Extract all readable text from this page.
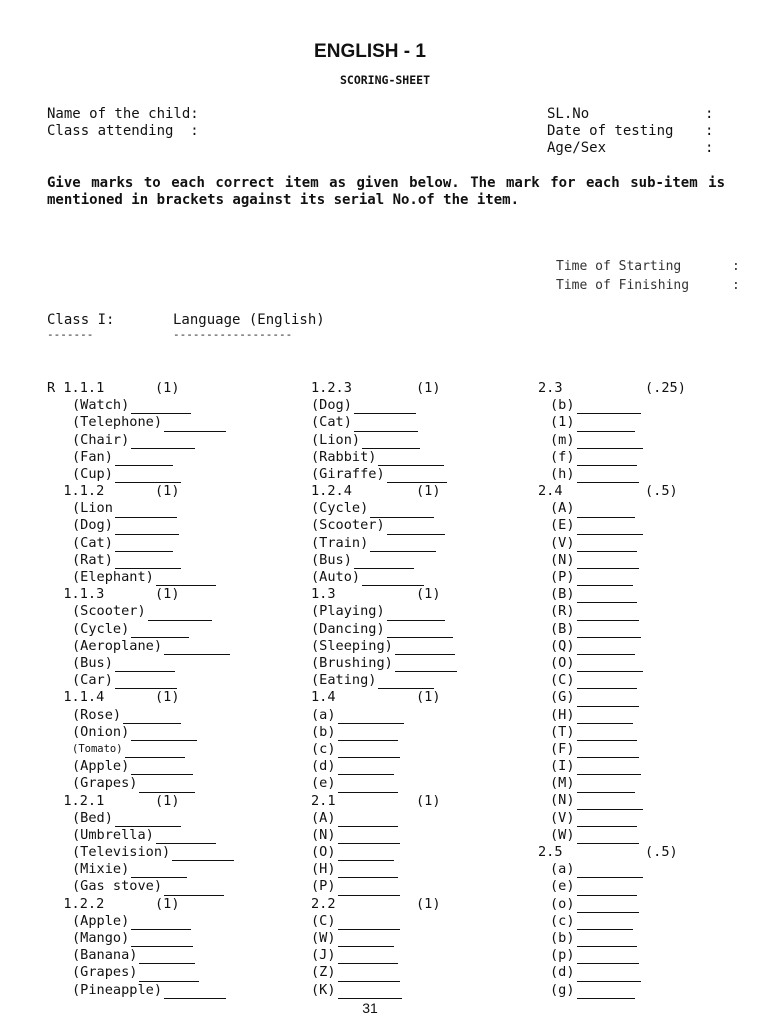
ENGLISH - 1
SCORING-SHEET
Name of the child:
Class attending  :
SL.No	:
Date of testing	:
Age/Sex	:
Give marks to each correct item as given below. The mark for each sub-item is mentioned in brackets against its serial No.of the item.
Time of Starting	:
Time of Finishing	:
Class I:
-------
Language (English)
------------------
R 1.1.1	(1)
(Watch)
(Telephone)
(Chair)
(Fan)
(Cup)
1.1.2	(1)
(Lion
(Dog)
(Cat)
(Rat)
(Elephant)
1.1.3	(1)
(Scooter)
(Cycle)
(Aeroplane)
(Bus)
(Car)
1.1.4	(1)
(Rose)
(Onion)
(Tomato)
(Apple)
(Grapes)
1.2.1	(1)
(Bed)
(Umbrella)
(Television)
(Mixie)
(Gas stove)
1.2.2	(1)
(Apple)
(Mango)
(Banana)
(Grapes)
(Pineapple)
1.2.3	(1)
(Dog)
(Cat)
(Lion)
(Rabbit)
(Giraffe)
1.2.4	(1)
(Cycle)
(Scooter)
(Train)
(Bus)
(Auto)
1.3	(1)
(Playing)
(Dancing)
(Sleeping)
(Brushing)
(Eating)
1.4	(1)
(a)
(b)
(c)
(d)
(e)
2.1	(1)
(A)
(N)
(O)
(H)
(P)
2.2	(1)
(C)
(W)
(J)
(Z)
(K)
2.3	(.25)
(b)
(1)
(m)
(f)
(h)
2.4	(.5)
(A)
(E)
(V)
(N)
(P)
(B)
(R)
(B)
(Q)
(O)
(C)
(G)
(H)
(T)
(F)
(I)
(M)
(N)
(V)
(W)
2.5	(.5)
(a)
(e)
(o)
(c)
(b)
(p)
(d)
(g)
31
